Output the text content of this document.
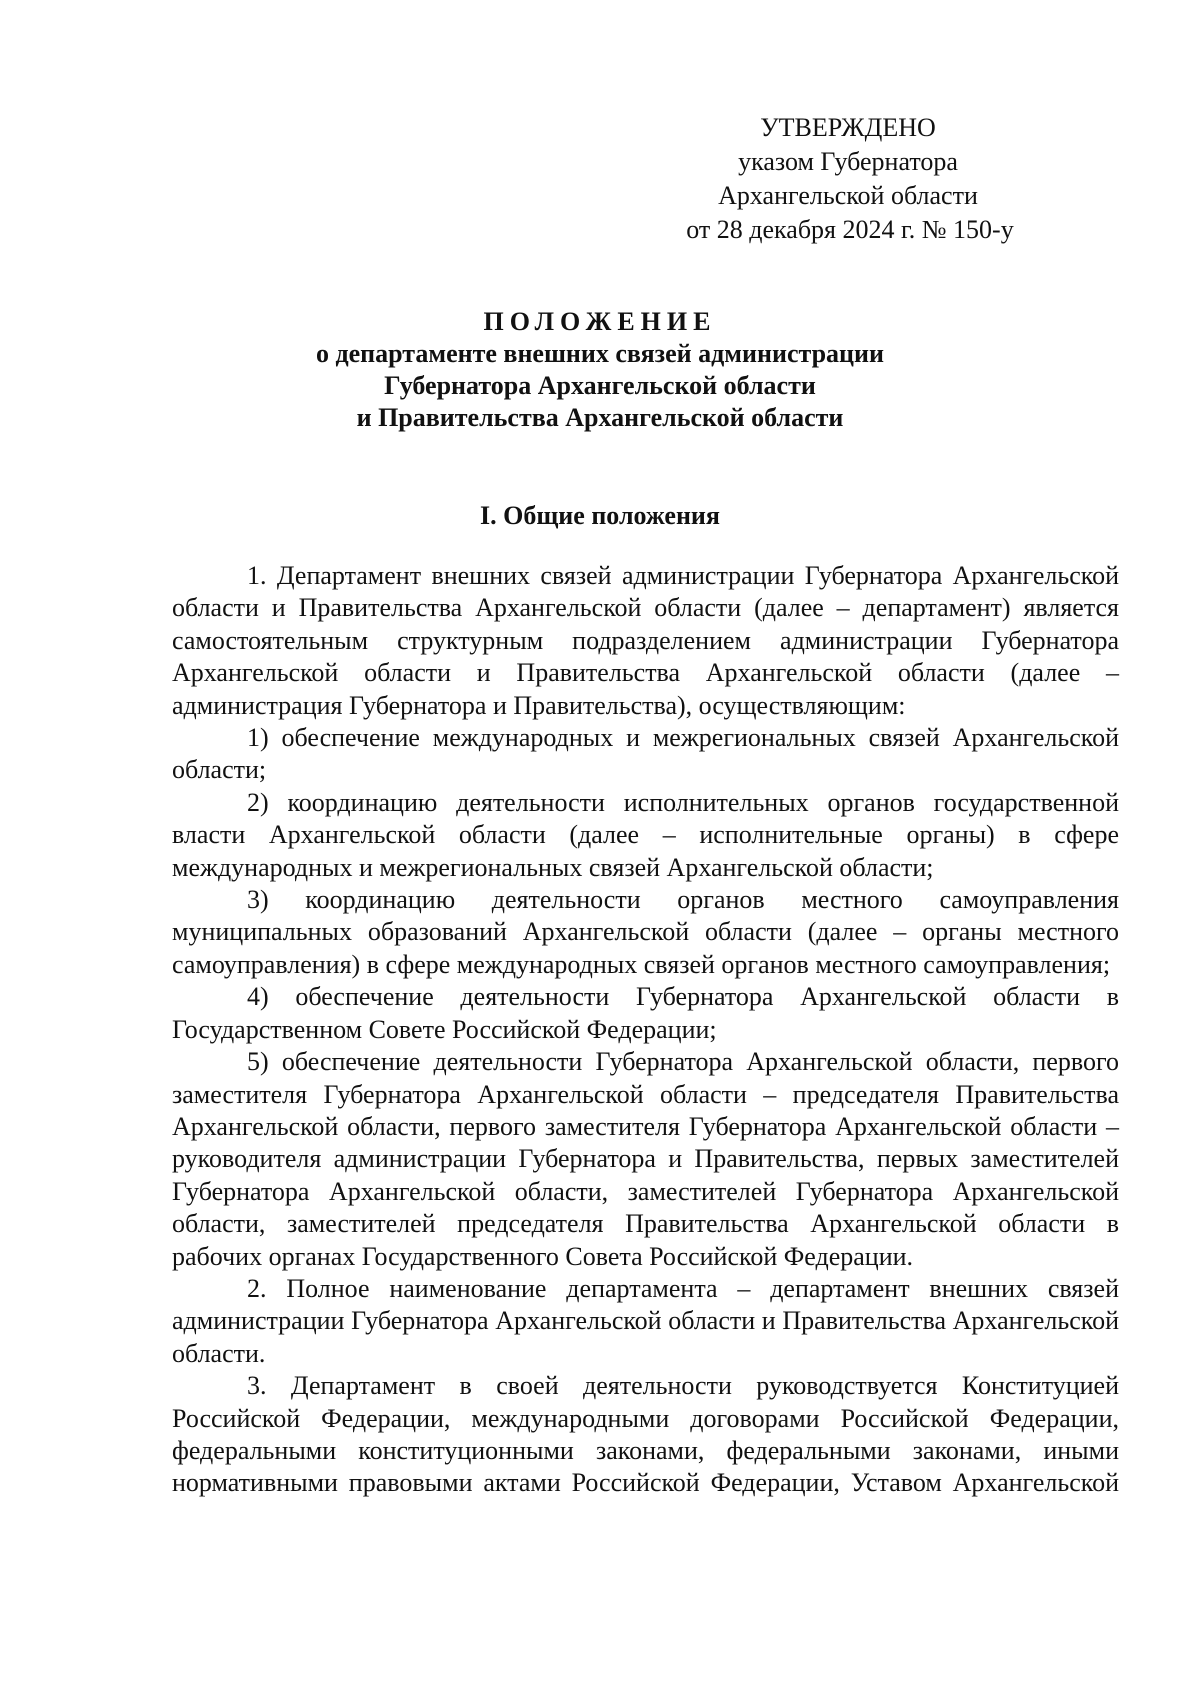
УТВЕРЖДЕНО
указом Губернатора
Архангельской области
от 28 декабря 2024 г. № 150-у
ПОЛОЖЕНИЕ
о департаменте внешних связей администрации
Губернатора Архангельской области
и Правительства Архангельской области
I. Общие положения

1. Департамент внешних связей администрации Губернатора Архангельской области и Правительства Архангельской области (далее – департамент) является самостоятельным структурным подразделением администрации Губернатора Архангельской области и Правительства Архангельской области (далее – администрация Губернатора и Правительства), осуществляющим:

1) обеспечение международных и межрегиональных связей Архангельской области;

2) координацию деятельности исполнительных органов государственной власти Архангельской области (далее – исполнительные органы) в сфере международных и межрегиональных связей Архангельской области;

3) координацию деятельности органов местного самоуправления муниципальных образований Архангельской области (далее – органы местного самоуправления) в сфере международных связей органов местного самоуправления;

4) обеспечение деятельности Губернатора Архангельской области в Государственном Совете Российской Федерации;

5) обеспечение деятельности Губернатора Архангельской области, первого заместителя Губернатора Архангельской области – председателя Правительства Архангельской области, первого заместителя Губернатора Архангельской области – руководителя администрации Губернатора и Правительства, первых заместителей Губернатора Архангельской области, заместителей Губернатора Архангельской области, заместителей председателя Правительства Архангельской области в рабочих органах Государственного Совета Российской Федерации.

2. Полное наименование департамента – департамент внешних связей администрации Губернатора Архангельской области и Правительства Архангельской области.

3. Департамент в своей деятельности руководствуется Конституцией Российской Федерации, международными договорами Российской Федерации, федеральными конституционными законами, федеральными законами, иными нормативными правовыми актами Российской Федерации, Уставом Архангельской
